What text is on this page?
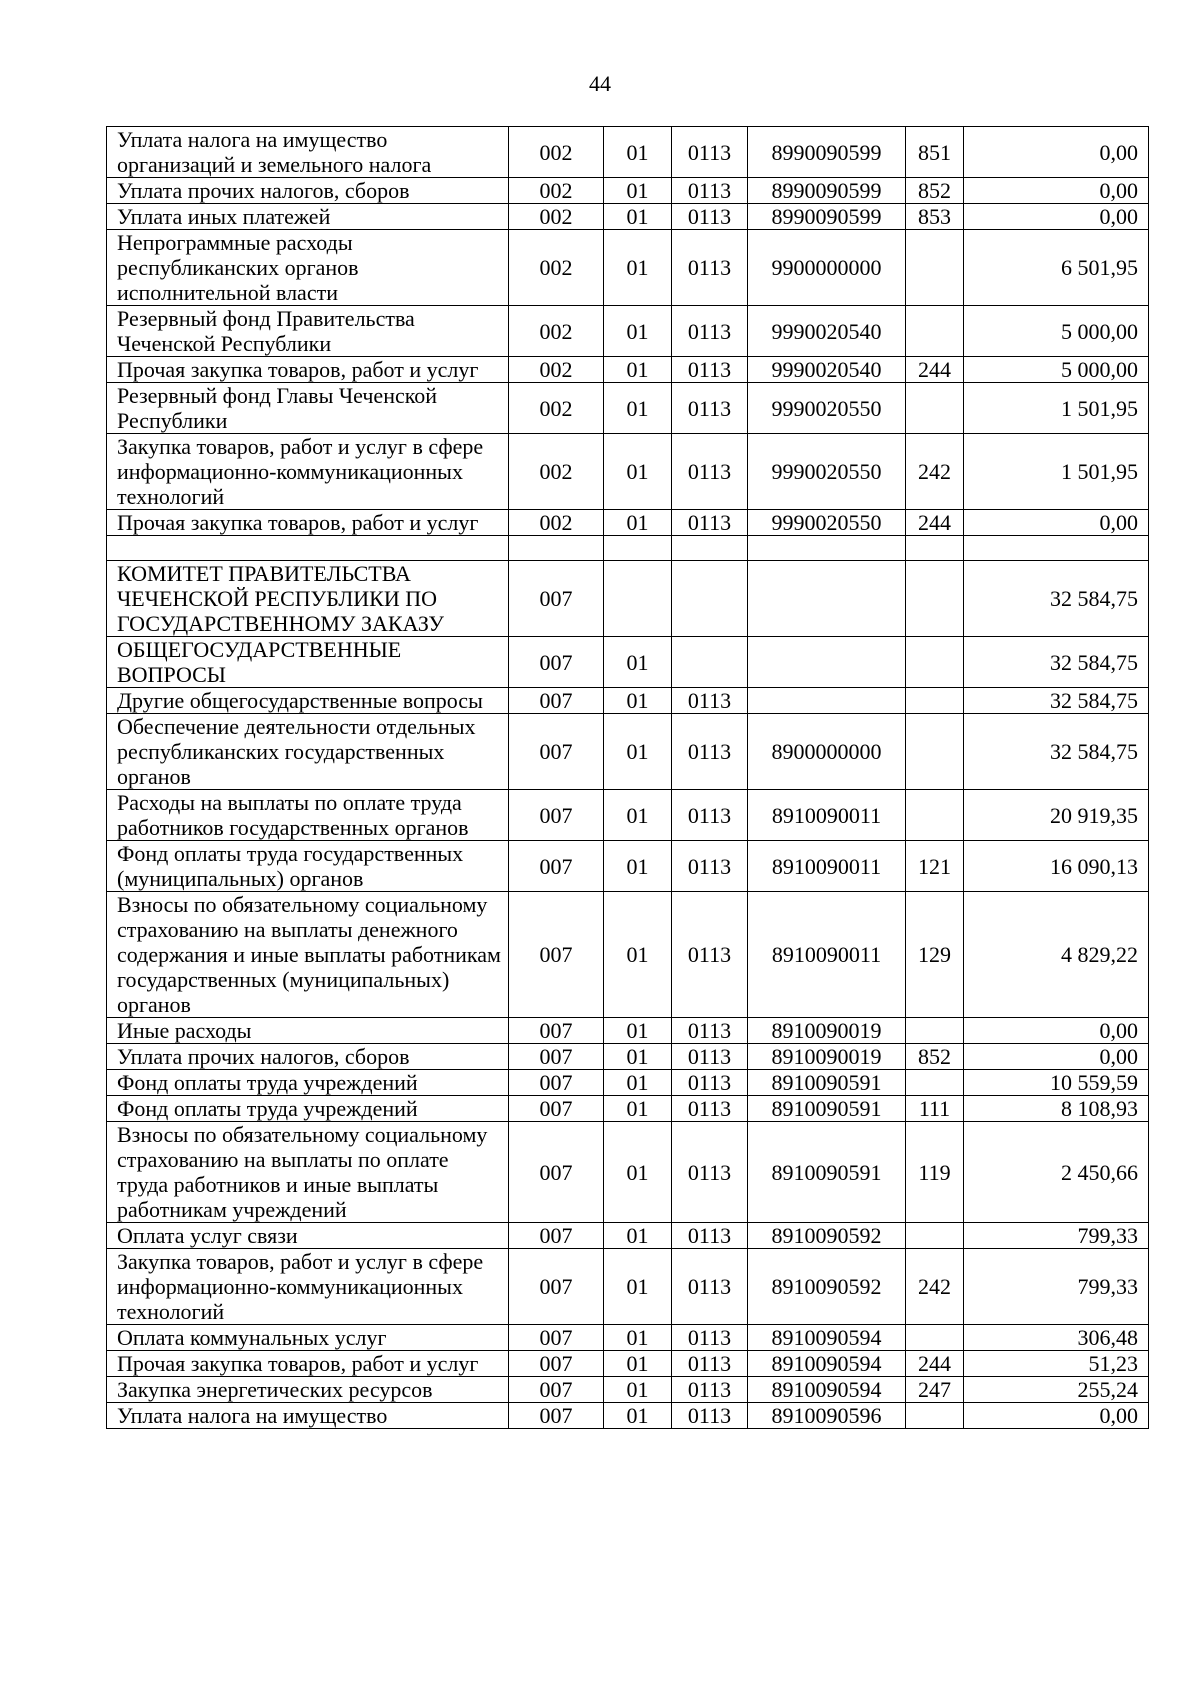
44
Уплата налога на имущество организаций и земельного налога	002	01	0113	8990090599	851	0,00
Уплата прочих налогов, сборов	002	01	0113	8990090599	852	0,00
Уплата иных платежей	002	01	0113	8990090599	853	0,00
Непрограммные расходы республиканских органов исполнительной власти	002	01	0113	9900000000		6 501,95
Резервный фонд Правительства Чеченской Республики	002	01	0113	9990020540		5 000,00
Прочая закупка товаров, работ и услуг	002	01	0113	9990020540	244	5 000,00
Резервный фонд Главы Чеченской Республики	002	01	0113	9990020550		1 501,95
Закупка товаров, работ и услуг в сфере информационно-коммуникационных технологий	002	01	0113	9990020550	242	1 501,95
Прочая закупка товаров, работ и услуг	002	01	0113	9990020550	244	0,00

КОМИТЕТ ПРАВИТЕЛЬСТВА ЧЕЧЕНСКОЙ РЕСПУБЛИКИ ПО ГОСУДАРСТВЕННОМУ ЗАКАЗУ	007					32 584,75
ОБЩЕГОСУДАРСТВЕННЫЕ ВОПРОСЫ	007	01				32 584,75
Другие общегосударственные вопросы	007	01	0113			32 584,75
Обеспечение деятельности отдельных республиканских государственных органов	007	01	0113	8900000000		32 584,75
Расходы на выплаты по оплате труда работников государственных органов	007	01	0113	8910090011		20 919,35
Фонд оплаты труда государственных (муниципальных) органов	007	01	0113	8910090011	121	16 090,13
Взносы по обязательному социальному страхованию на выплаты денежного содержания и иные выплаты работникам государственных (муниципальных) органов	007	01	0113	8910090011	129	4 829,22
Иные расходы	007	01	0113	8910090019		0,00
Уплата прочих налогов, сборов	007	01	0113	8910090019	852	0,00
Фонд оплаты труда учреждений	007	01	0113	8910090591		10 559,59
Фонд оплаты труда учреждений	007	01	0113	8910090591	111	8 108,93
Взносы по обязательному социальному страхованию на выплаты по оплате труда работников и иные выплаты работникам учреждений	007	01	0113	8910090591	119	2 450,66
Оплата услуг связи	007	01	0113	8910090592		799,33
Закупка товаров, работ и услуг в сфере информационно-коммуникационных технологий	007	01	0113	8910090592	242	799,33
Оплата коммунальных услуг	007	01	0113	8910090594		306,48
Прочая закупка товаров, работ и услуг	007	01	0113	8910090594	244	51,23
Закупка энергетических ресурсов	007	01	0113	8910090594	247	255,24
Уплата налога на имущество	007	01	0113	8910090596		0,00
